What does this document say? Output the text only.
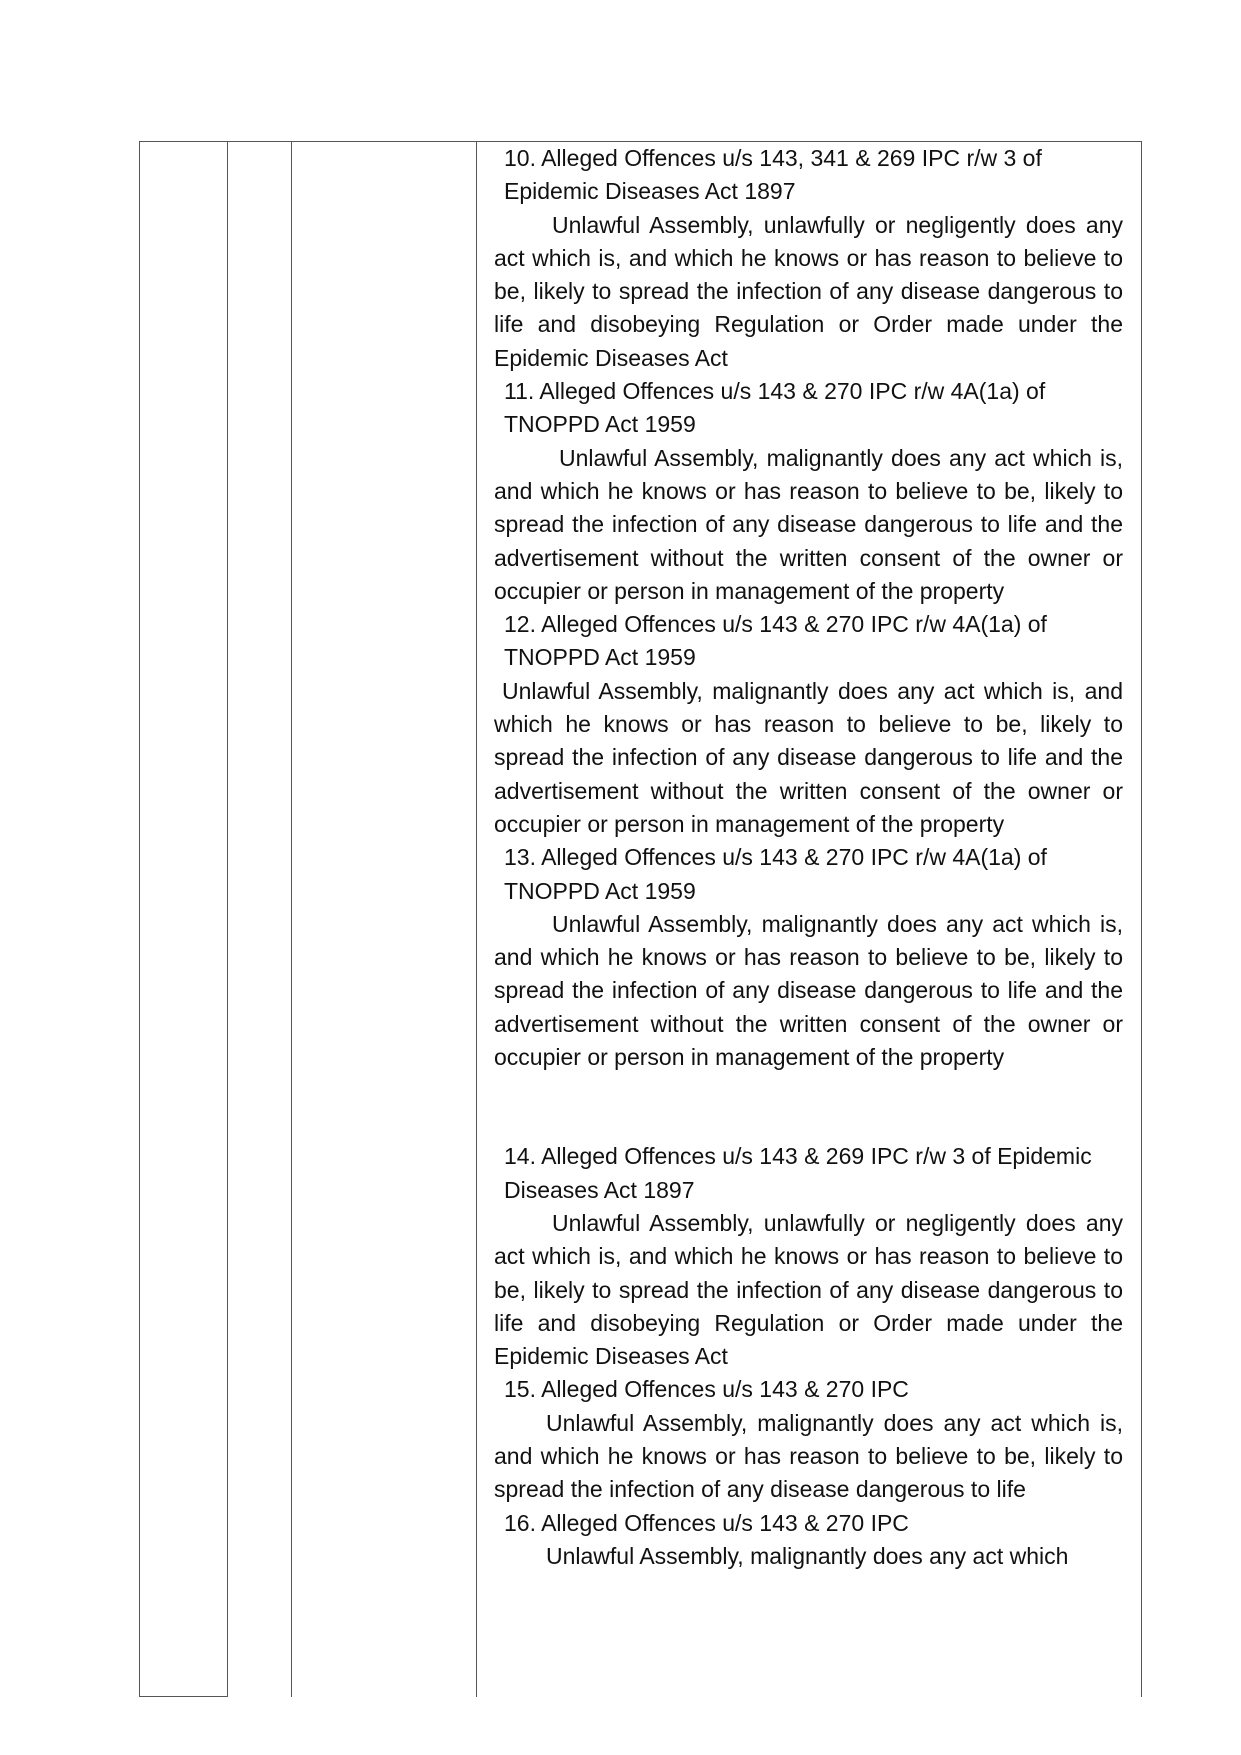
10. Alleged Offences u/s 143, 341 & 269 IPC r/w 3 of Epidemic Diseases Act 1897

Unlawful Assembly, unlawfully or negligently does any act which is, and which he knows or has reason to believe to be, likely to spread the infection of any disease dangerous to life and disobeying Regulation or Order made under the Epidemic Diseases Act

11. Alleged Offences u/s 143 & 270 IPC r/w 4A(1a) of TNOPPD Act 1959

Unlawful Assembly, malignantly does any act which is, and which he knows or has reason to believe to be, likely to spread the infection of any disease dangerous to life and the advertisement without the written consent of the owner or occupier or person in management of the property

12. Alleged Offences u/s 143 & 270 IPC r/w 4A(1a) of TNOPPD Act 1959

Unlawful Assembly, malignantly does any act which is, and which he knows or has reason to believe to be, likely to spread the infection of any disease dangerous to life and the advertisement without the written consent of the owner or occupier or person in management of the property

13. Alleged Offences u/s 143 & 270 IPC r/w 4A(1a) of TNOPPD Act 1959

Unlawful Assembly, malignantly does any act which is, and which he knows or has reason to believe to be, likely to spread the infection of any disease dangerous to life and the advertisement without the written consent of the owner or occupier or person in management of the property

14. Alleged Offences u/s 143 & 269 IPC r/w 3 of Epidemic Diseases Act 1897

Unlawful Assembly, unlawfully or negligently does any act which is, and which he knows or has reason to believe to be, likely to spread the infection of any disease dangerous to life and disobeying Regulation or Order made under the Epidemic Diseases Act

15. Alleged Offences u/s 143 & 270 IPC

Unlawful Assembly, malignantly does any act which is, and which he knows or has reason to believe to be, likely to spread the infection of any disease dangerous to life

16. Alleged Offences u/s 143 & 270 IPC

Unlawful Assembly, malignantly does any act which
